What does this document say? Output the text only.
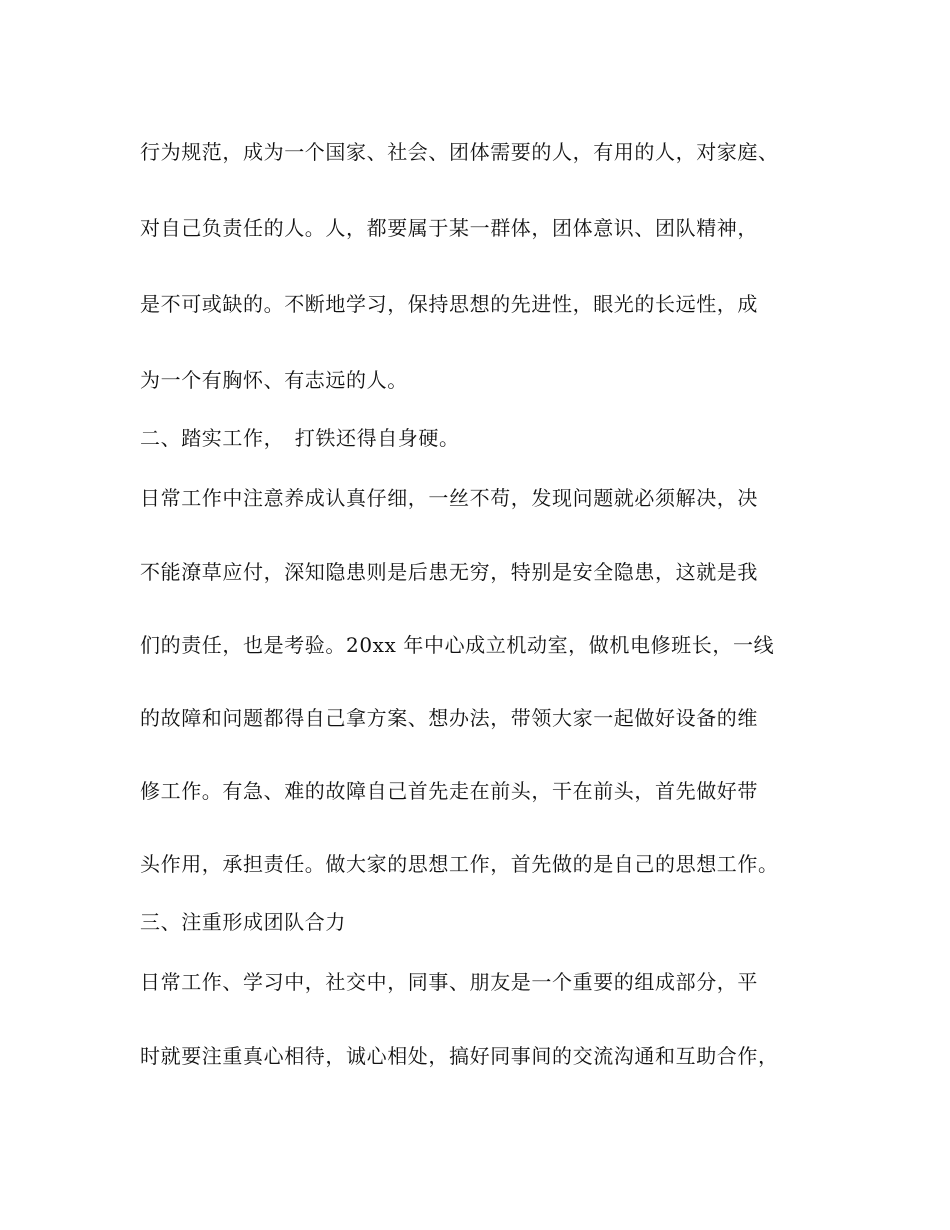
行为规范，成为一个国家、社会、团体需要的人，有用的人，对家庭、
对自己负责任的人。人，都要属于某一群体，团体意识、团队精神，
是不可或缺的。不断地学习，保持思想的先进性，眼光的长远性，成
为一个有胸怀、有志远的人。
二、踏实工作，　打铁还得自身硬。
日常工作中注意养成认真仔细，一丝不苟，发现问题就必须解决，决
不能潦草应付，深知隐患则是后患无穷，特别是安全隐患，这就是我
们的责任，也是考验。20xx 年中心成立机动室，做机电修班长，一线
的故障和问题都得自己拿方案、想办法，带领大家一起做好设备的维
修工作。有急、难的故障自己首先走在前头，干在前头，首先做好带
头作用，承担责任。做大家的思想工作，首先做的是自己的思想工作。
三、注重形成团队合力
日常工作、学习中，社交中，同事、朋友是一个重要的组成部分，平
时就要注重真心相待，诚心相处，搞好同事间的交流沟通和互助合作，
